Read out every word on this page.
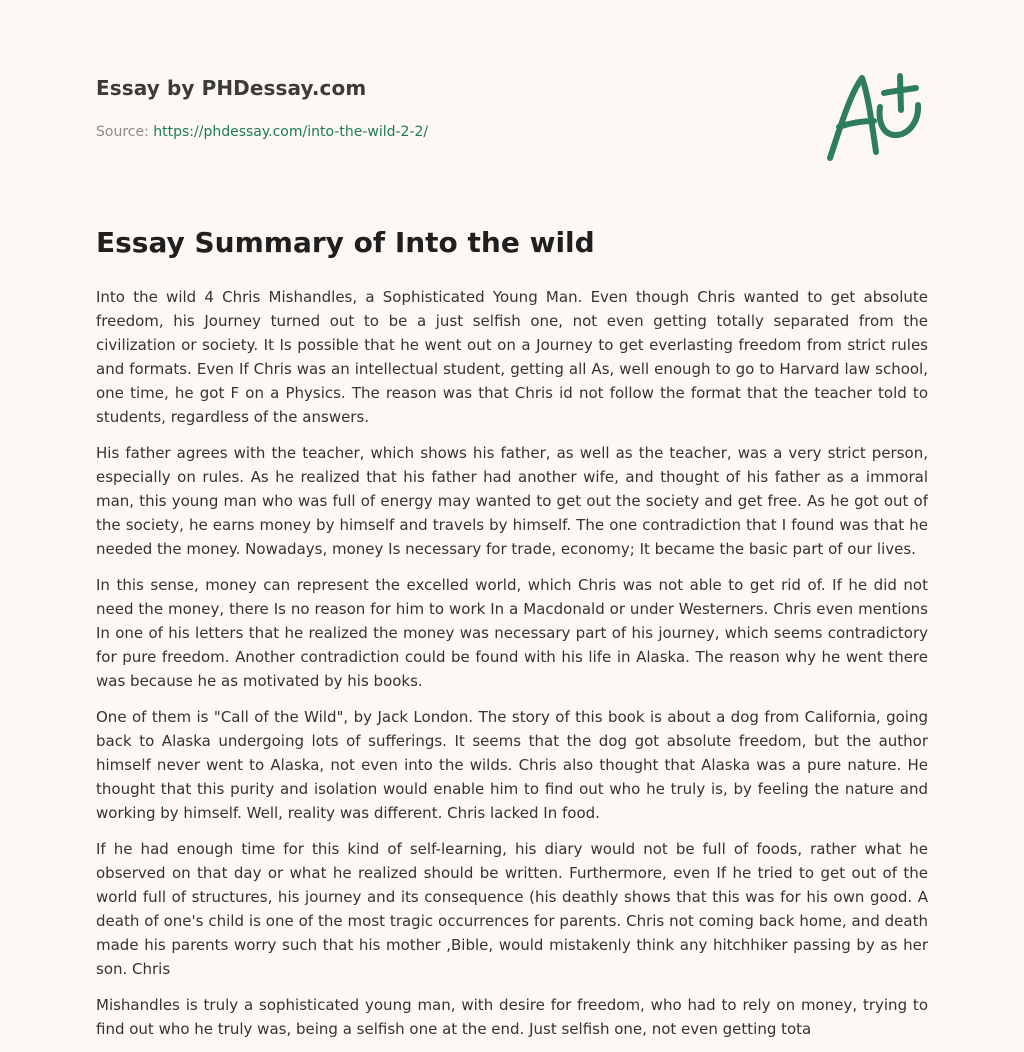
Essay by PHDessay.com
Source: https://phdessay.com/into-the-wild-2-2/
Essay Summary of Into the wild

Into the wild 4 Chris Mishandles, a Sophisticated Young Man. Even though Chris wanted to get absolute freedom, his Journey turned out to be a just selfish one, not even getting totally separated from the civilization or society. It Is possible that he went out on a Journey to get everlasting freedom from strict rules and formats. Even If Chris was an intellectual student, getting all As, well enough to go to Harvard law school, one time, he got F on a Physics. The reason was that Chris id not follow the format that the teacher told to students, regardless of the answers.

His father agrees with the teacher, which shows his father, as well as the teacher, was a very strict person, especially on rules. As he realized that his father had another wife, and thought of his father as a immoral man, this young man who was full of energy may wanted to get out the society and get free. As he got out of the society, he earns money by himself and travels by himself. The one contradiction that I found was that he needed the money. Nowadays, money Is necessary for trade, economy; It became the basic part of our lives.

In this sense, money can represent the excelled world, which Chris was not able to get rid of. If he did not need the money, there Is no reason for him to work In a Macdonald or under Westerners. Chris even mentions In one of his letters that he realized the money was necessary part of his journey, which seems contradictory for pure freedom. Another contradiction could be found with his life in Alaska. The reason why he went there was because he as motivated by his books.

One of them is "Call of the Wild", by Jack London. The story of this book is about a dog from California, going back to Alaska undergoing lots of sufferings. It seems that the dog got absolute freedom, but the author himself never went to Alaska, not even into the wilds. Chris also thought that Alaska was a pure nature. He thought that this purity and isolation would enable him to find out who he truly is, by feeling the nature and working by himself. Well, reality was different. Chris lacked In food.

If he had enough time for this kind of self-learning, his diary would not be full of foods, rather what he observed on that day or what he realized should be written. Furthermore, even If he tried to get out of the world full of structures, his journey and its consequence (his deathly shows that this was for his own good. A death of one's child is one of the most tragic occurrences for parents. Chris not coming back home, and death made his parents worry such that his mother ,Bible, would mistakenly think any hitchhiker passing by as her son. Chris

Mishandles is truly a sophisticated young man, with desire for freedom, who had to rely on money, trying to find out who he truly was, being a selfish one at the end. Just selfish one, not even getting tota
